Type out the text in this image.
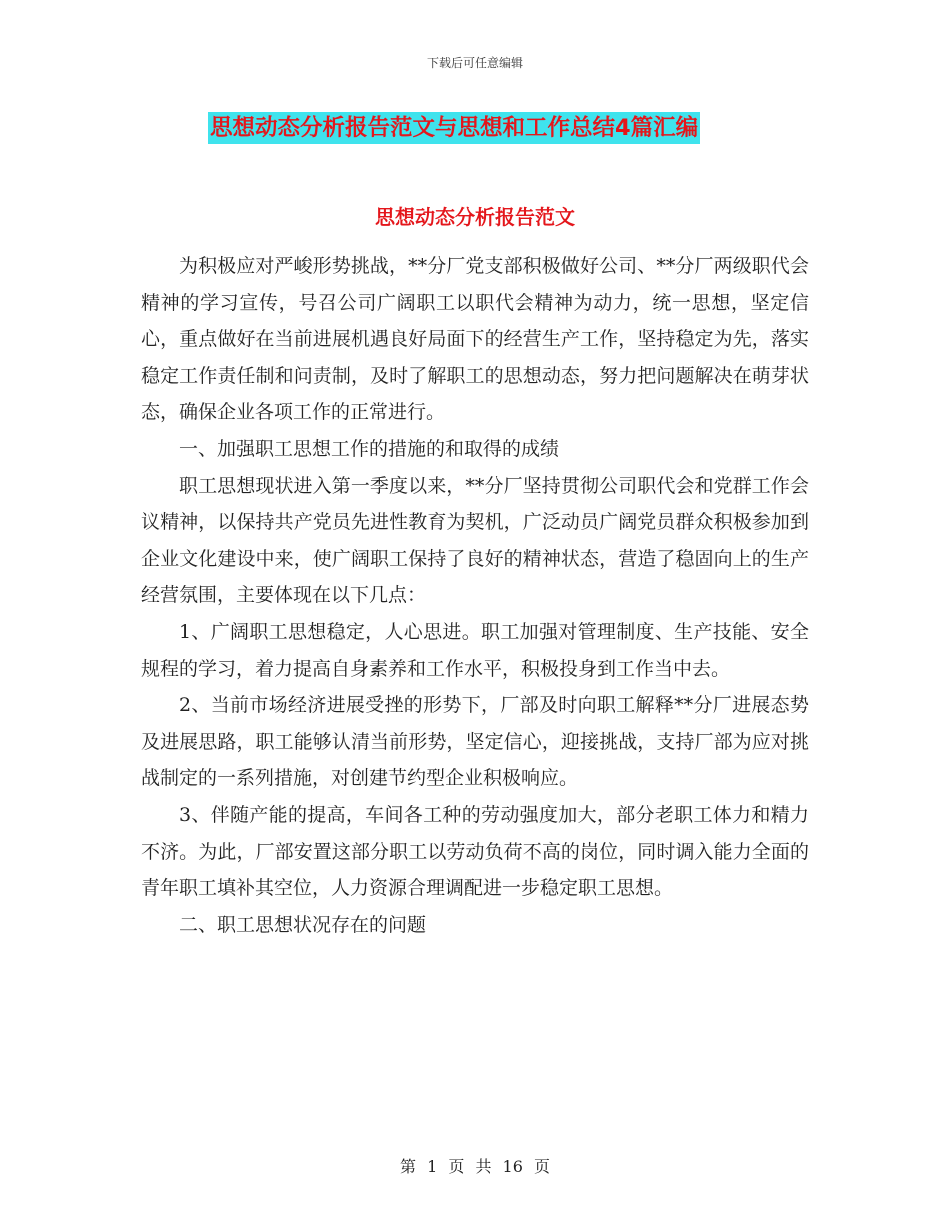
下载后可任意编辑
思想动态分析报告范文与思想和工作总结4篇汇编
思想动态分析报告范文

为积极应对严峻形势挑战，**分厂党支部积极做好公司、**分厂两级职代会精神的学习宣传，号召公司广阔职工以职代会精神为动力，统一思想，坚定信心，重点做好在当前进展机遇良好局面下的经营生产工作，坚持稳定为先，落实稳定工作责任制和问责制，及时了解职工的思想动态，努力把问题解决在萌芽状态，确保企业各项工作的正常进行。

一、加强职工思想工作的措施的和取得的成绩

职工思想现状进入第一季度以来，**分厂坚持贯彻公司职代会和党群工作会议精神，以保持共产党员先进性教育为契机，广泛动员广阔党员群众积极参加到企业文化建设中来，使广阔职工保持了良好的精神状态，营造了稳固向上的生产经营氛围，主要体现在以下几点：

1、广阔职工思想稳定，人心思进。职工加强对管理制度、生产技能、安全规程的学习，着力提高自身素养和工作水平，积极投身到工作当中去。

2、当前市场经济进展受挫的形势下，厂部及时向职工解释**分厂进展态势及进展思路，职工能够认清当前形势，坚定信心，迎接挑战，支持厂部为应对挑战制定的一系列措施，对创建节约型企业积极响应。

3、伴随产能的提高，车间各工种的劳动强度加大，部分老职工体力和精力不济。为此，厂部安置这部分职工以劳动负荷不高的岗位，同时调入能力全面的青年职工填补其空位，人力资源合理调配进一步稳定职工思想。

二、职工思想状况存在的问题

第 1 页 共 16 页
